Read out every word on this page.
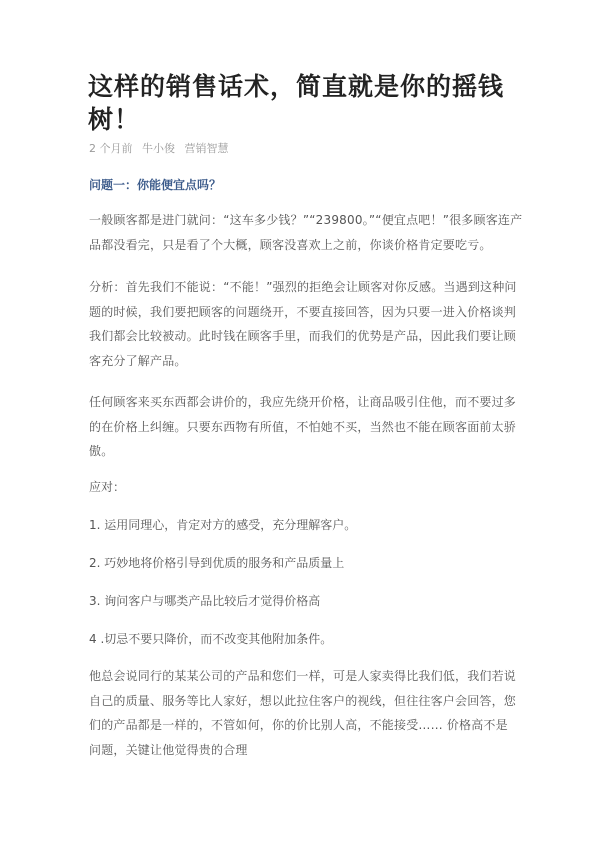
这样的销售话术，简直就是你的摇钱
树！
2 个月前 牛小俊 营销智慧
问题一：你能便宜点吗？
一般顾客都是进门就问：“这车多少钱？”“239800。”“便宜点吧！”很多顾客连产
品都没看完，只是看了个大概，顾客没喜欢上之前，你谈价格肯定要吃亏。
分析：首先我们不能说：“不能！”强烈的拒绝会让顾客对你反感。当遇到这种问
题的时候，我们要把顾客的问题绕开，不要直接回答，因为只要一进入价格谈判
我们都会比较被动。此时钱在顾客手里，而我们的优势是产品，因此我们要让顾
客充分了解产品。
任何顾客来买东西都会讲价的，我应先绕开价格，让商品吸引住他，而不要过多
的在价格上纠缠。只要东西物有所值，不怕她不买，当然也不能在顾客面前太骄
傲。
应对：
1. 运用同理心，肯定对方的感受，充分理解客户。
2. 巧妙地将价格引导到优质的服务和产品质量上
3. 询问客户与哪类产品比较后才觉得价格高
4 .切忌不要只降价，而不改变其他附加条件。
他总会说同行的某某公司的产品和您们一样，可是人家卖得比我们低，我们若说
自己的质量、服务等比人家好，想以此拉住客户的视线，但往往客户会回答，您
们的产品都是一样的，不管如何，你的价比别人高，不能接受…… 价格高不是
问题，关键让他觉得贵的合理
